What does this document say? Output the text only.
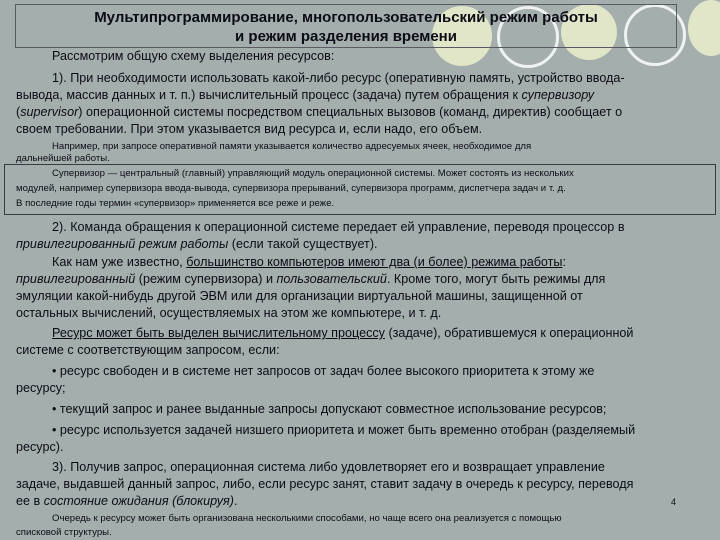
Мультипрограммирование, многопользовательский режим работы
и режим разделения времени
Рассмотрим общую схему выделения ресурсов:
1). При необходимости использовать какой-либо ресурс (оперативную память, устройство ввода-
вывода, массив данных и т. п.) вычислительный процесс (задача) путем обращения к супервизору
(supervisor) операционной системы посредством специальных вызовов (команд, директив) сообщает о
своем требовании. При этом указывается вид ресурса и, если надо, его объем.
Например, при запросе оперативной памяти указывается количество адресуемых ячеек, необходимое для
дальнейшей работы.
Супервизор — центральный (главный) управляющий модуль операционной системы. Может состоять из нескольких
модулей, например супервизора ввода-вывода, супервизора прерываний, супервизора программ, диспетчера задач и т. д.
В последние годы термин «супервизор» применяется все реже и реже.
2). Команда обращения к операционной системе передает ей управление, переводя процессор в
привилегированный режим работы (если такой существует).
Как нам уже известно, большинство компьютеров имеют два (и более) режима работы:
привилегированный (режим супервизора) и пользовательский. Кроме того, могут быть режимы для
эмуляции какой-нибудь другой ЭВМ или для организации виртуальной машины, защищенной от
остальных вычислений, осуществляемых на этом же компьютере, и т. д.
Ресурс может быть выделен вычислительному процессу (задаче), обратившемуся к операционной
системе с соответствующим запросом, если:
• ресурс свободен и в системе нет запросов от задач более высокого приоритета к этому же
ресурсу;
• текущий запрос и ранее выданные запросы допускают совместное использование ресурсов;
• ресурс используется задачей низшего приоритета и может быть временно отобран (разделяемый
ресурс).
3). Получив запрос, операционная система либо удовлетворяет его и возвращает управление
задаче, выдавшей данный запрос, либо, если ресурс занят, ставит задачу в очередь к ресурсу, переводя
ее в состояние ожидания (блокируя).	4
Очередь к ресурсу может быть организована несколькими способами, но чаще всего она реализуется с помощью
списковой структуры.
